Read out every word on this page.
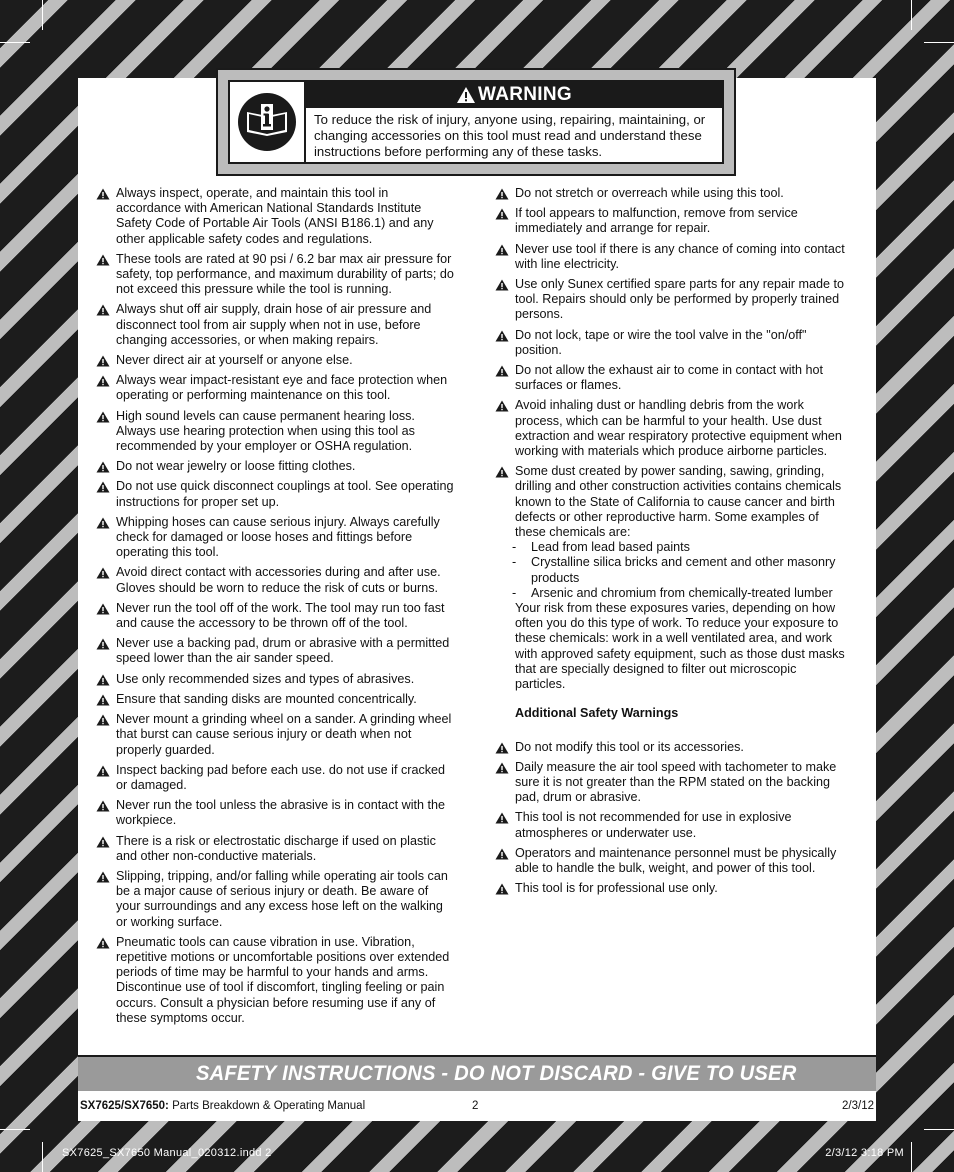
WARNING
To reduce the risk of injury, anyone using, repairing, maintaining, or changing accessories on this tool must read and understand these instructions before performing any of these tasks.
Always inspect, operate, and maintain this tool in accordance with American National Standards Institute Safety Code of Portable Air Tools (ANSI B186.1) and any other applicable safety codes and regulations.
These tools are rated at 90 psi / 6.2 bar max air pressure for safety, top performance, and maximum durability of parts; do not exceed this pressure while the tool is running.
Always shut off air supply, drain hose of air pressure and disconnect tool from air supply when not in use, before changing accessories, or when making repairs.
Never direct air at yourself or anyone else.
Always wear impact-resistant eye and face protection when operating or performing maintenance on this tool.
High sound levels can cause permanent hearing loss. Always use hearing protection when using this tool as recommended by your employer or OSHA regulation.
Do not wear jewelry or loose fitting clothes.
Do not use quick disconnect couplings at tool. See operating instructions for proper set up.
Whipping hoses can cause serious injury. Always carefully check for damaged or loose hoses and fittings before operating this tool.
Avoid direct contact with accessories during and after use. Gloves should be worn to reduce the risk of cuts or burns.
Never run the tool off of the work. The tool may run too fast and cause the accessory to be thrown off of the tool.
Never use a backing pad, drum or abrasive with a permitted speed lower than the air sander speed.
Use only recommended sizes and types of abrasives.
Ensure that sanding disks are mounted concentrically.
Never mount a grinding wheel on a sander. A grinding wheel that burst can cause serious injury or death when not properly guarded.
Inspect backing pad before each use. do not use if cracked or damaged.
Never run the tool unless the abrasive is in contact with the workpiece.
There is a risk or electrostatic discharge if used on plastic and other non-conductive materials.
Slipping, tripping, and/or falling while operating air tools can be a major cause of serious injury or death. Be aware of your surroundings and any excess hose left on the walking or working surface.
Pneumatic tools can cause vibration in use. Vibration, repetitive motions or uncomfortable positions over extended periods of time may be harmful to your hands and arms. Discontinue use of tool if discomfort, tingling feeling or pain occurs. Consult a physician before resuming use if any of these symptoms occur.
Do not stretch or overreach while using this tool.
If tool appears to malfunction, remove from service immediately and arrange for repair.
Never use tool if there is any chance of coming into contact with line electricity.
Use only Sunex certified spare parts for any repair made to tool. Repairs should only be performed by properly trained persons.
Do not lock, tape or wire the tool valve in the "on/off" position.
Do not allow the exhaust air to come in contact with hot surfaces or flames.
Avoid inhaling dust or handling debris from the work process, which can be harmful to your health. Use dust extraction and wear respiratory protective equipment when working with materials which produce airborne particles.
Some dust created by power sanding, sawing, grinding, drilling and other construction activities contains chemicals known to the State of California to cause cancer and birth defects or other reproductive harm. Some examples of these chemicals are:
- Lead from lead based paints
- Crystalline silica bricks and cement and other masonry products
- Arsenic and chromium from chemically-treated lumber
Your risk from these exposures varies, depending on how often you do this type of work. To reduce your exposure to these chemicals: work in a well ventilated area, and work with approved safety equipment, such as those dust masks that are specially designed to filter out microscopic particles.
Additional Safety Warnings
Do not modify this tool or its accessories.
Daily measure the air tool speed with tachometer to make sure it is not greater than the RPM stated on the backing pad, drum or abrasive.
This tool is not recommended for use in explosive atmospheres or underwater use.
Operators and maintenance personnel must be physically able to handle the bulk, weight, and power of this tool.
This tool is for professional use only.
SAFETY INSTRUCTIONS - DO NOT DISCARD - GIVE TO USER
SX7625/SX7650: Parts Breakdown & Operating Manual	2	2/3/12
SX7625_SX7650 Manual_020312.indd 2	2/3/12 3:18 PM
